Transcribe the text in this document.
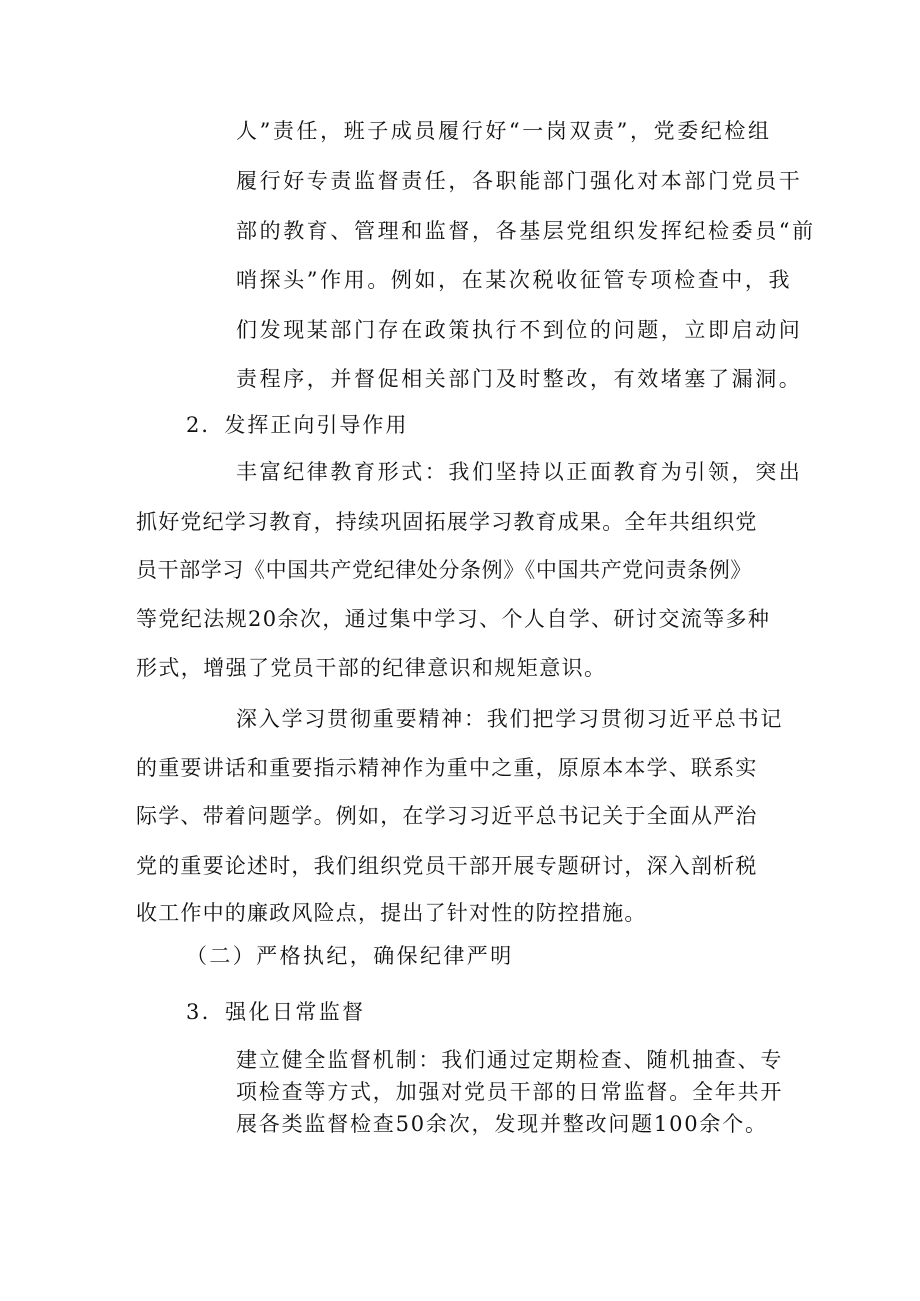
人”责任，班子成员履行好“一岗双责”，党委纪检组
履行好专责监督责任，各职能部门强化对本部门党员干
部的教育、管理和监督，各基层党组织发挥纪检委员“前
哨探头”作用。例如，在某次税收征管专项检查中，我
们发现某部门存在政策执行不到位的问题，立即启动问
责程序，并督促相关部门及时整改，有效堵塞了漏洞。
2．发挥正向引导作用
丰富纪律教育形式：我们坚持以正面教育为引领，突出
抓好党纪学习教育，持续巩固拓展学习教育成果。全年共组织党
员干部学习《中国共产党纪律处分条例》《中国共产党问责条例》
等党纪法规20余次，通过集中学习、个人自学、研讨交流等多种
形式，增强了党员干部的纪律意识和规矩意识。
深入学习贯彻重要精神：我们把学习贯彻习近平总书记
的重要讲话和重要指示精神作为重中之重，原原本本学、联系实
际学、带着问题学。例如，在学习习近平总书记关于全面从严治
党的重要论述时，我们组织党员干部开展专题研讨，深入剖析税
收工作中的廉政风险点，提出了针对性的防控措施。
（二）严格执纪，确保纪律严明
3．强化日常监督
建立健全监督机制：我们通过定期检查、随机抽查、专
项检查等方式，加强对党员干部的日常监督。全年共开
展各类监督检查50余次，发现并整改问题100余个。
